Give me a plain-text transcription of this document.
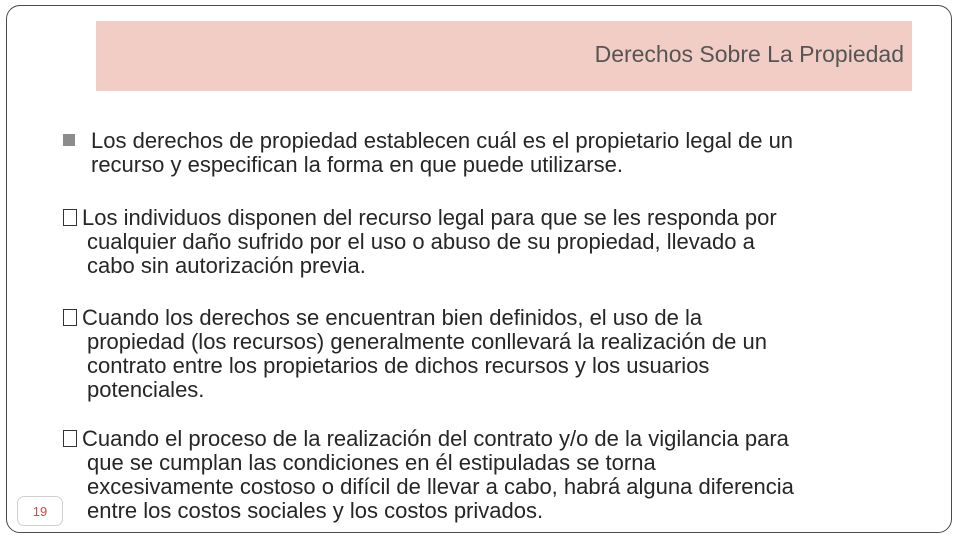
Derechos Sobre La Propiedad
Los derechos de propiedad establecen cuál es el propietario legal de un
recurso y especifican la forma en que puede utilizarse.
Los individuos disponen del recurso legal para que se les responda por
cualquier daño sufrido por el uso o abuso de su propiedad, llevado a
cabo sin autorización previa.
Cuando los derechos se encuentran bien definidos, el uso de la
propiedad (los recursos) generalmente conllevará la realización de un
contrato entre los propietarios de dichos recursos y los usuarios
potenciales.
Cuando el proceso de la realización del contrato y/o de la vigilancia para
que se cumplan las condiciones en él estipuladas se torna
excesivamente costoso o difícil de llevar a cabo, habrá alguna diferencia
entre los costos sociales y los costos privados.
19
